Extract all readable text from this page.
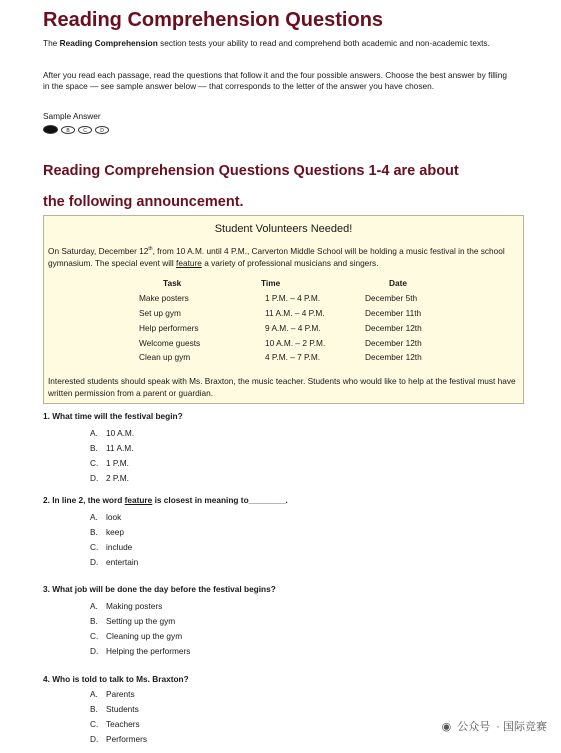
Reading Comprehension Questions
The Reading Comprehension section tests your ability to read and comprehend both academic and non-academic texts.
After you read each passage, read the questions that follow it and the four possible answers. Choose the best answer by filling in the space — see sample answer below — that corresponds to the letter of the answer you have chosen.
Sample Answer
B	C	D
Reading Comprehension Questions Questions 1-4 are about
the following announcement.
Student Volunteers Needed!
On Saturday, December 12th, from 10 A.M. until 4 P.M., Carverton Middle School will be holding a music festival in the school gymnasium. The special event will feature a variety of professional musicians and singers.
Task	Time	Date
Make posters	1 P.M. – 4 P.M.	December 5th
Set up gym	11 A.M. – 4 P.M.	December 11th
Help performers	9 A.M. – 4 P.M.	December 12th
Welcome guests	10 A.M. – 2 P.M.	December 12th
Clean up gym	4 P.M. – 7 P.M.	December 12th
Interested students should speak with Ms. Braxton, the music teacher. Students who would like to help at the festival must have written permission from a parent or guardian.
1. What time will the festival begin?
A. 10 A.M.
B. 11 A.M.
C. 1 P.M.
D. 2 P.M.
2. In line 2, the word feature is closest in meaning to________.
A. look
B. keep
C. include
D. entertain
3. What job will be done the day before the festival begins?
A. Making posters
B. Setting up the gym
C. Cleaning up the gym
D. Helping the performers
4. Who is told to talk to Ms. Braxton?
A. Parents
B. Students
C. Teachers
D. Performers
◉ 公众号 · 国际竞赛
